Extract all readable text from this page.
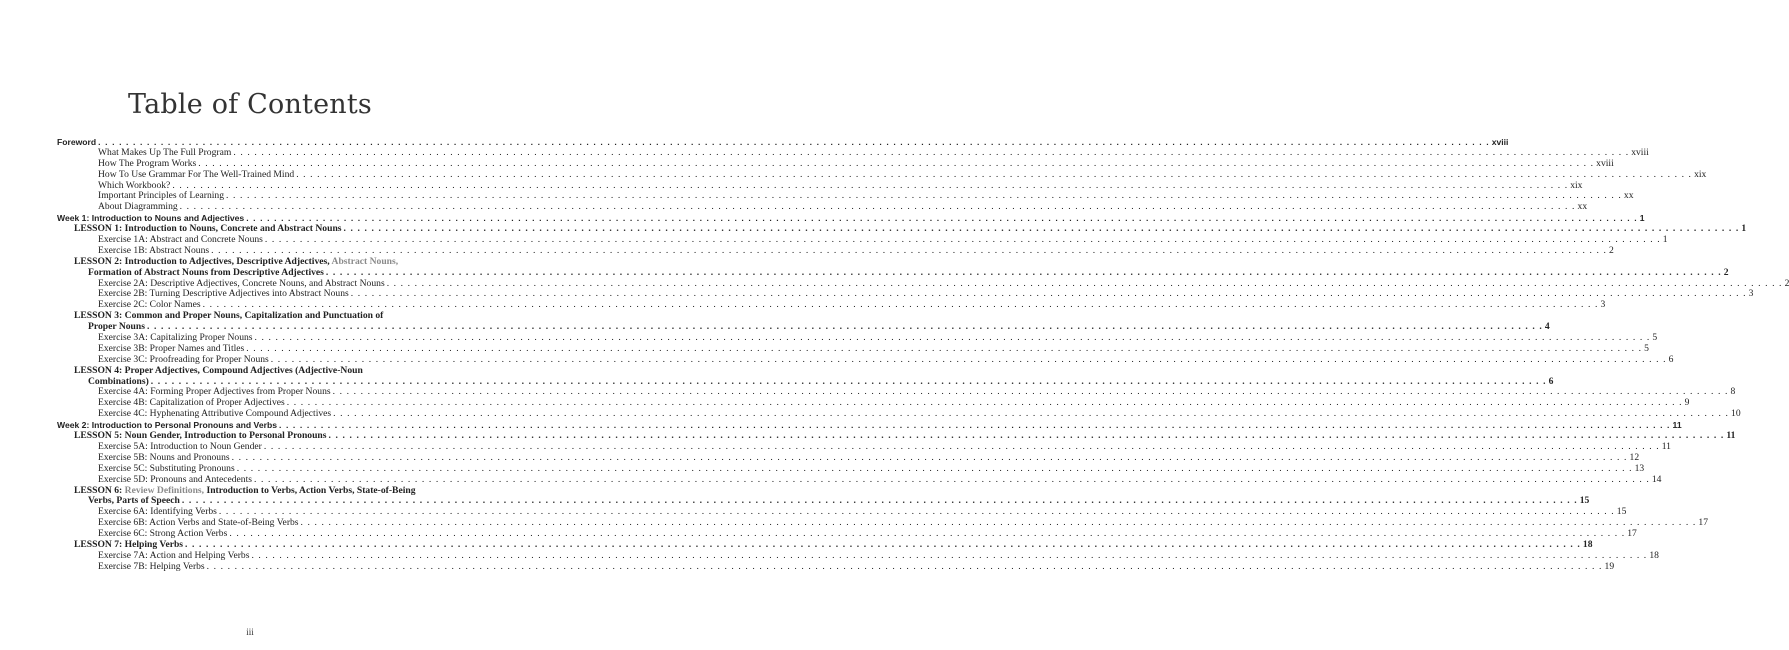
Table of Contents
Foreword . . . . . . . . . . . . . . . . . . . . . . . . . . . . . . . . . . . . . . . . . . . . . . . . . . . . . . . . . . . . . . . . . . . . . . . . . . . . . . . . . . . . . . . . . . . . . . . . . . . . . . . . . . . . . . . . . . . . . . . . . . . . . . . . . . . . . . . . . . . . . . . . . . . . . . . . . . . . . . . . . . . . . . . . . . . . . . . . . . . . . . . . . . . . . . . . . . . . . . . . xviii
What Makes Up The Full Program . . . . . . . . . . . . . . . . . . . . . . . . . . . . . . . . . . . . . . . . . . . . . . . . . . . . . . . . . . . . . . . . . . . . . . . . . . . . . . . . . . . . . . . . . . . . . . . . . . . . . . . . . . . . . . . . . . . . . . . . . . . . . . . . . . . . . . . . . . . . . . . . . . . . . . . . . . . . . . . . . . . . . . . . . . . . . . . . . . . . . . . . . . . . . . . . . . . . . . . . xviii
How The Program Works . . . . . . . . . . . . . . . . . . . . . . . . . . . . . . . . . . . . . . . . . . . . . . . . . . . . . . . . . . . . . . . . . . . . . . . . . . . . . . . . . . . . . . . . . . . . . . . . . . . . . . . . . . . . . . . . . . . . . . . . . . . . . . . . . . . . . . . . . . . . . . . . . . . . . . . . . . . . . . . . . . . . . . . . . . . . . . . . . . . . . . . . . . . . . . . . . . . . . . . . xviii
How To Use Grammar For The Well-Trained Mind . . . . . . . . . . . . . . . . . . . . . . . . . . . . . . . . . . . . . . . . . . . . . . . . . . . . . . . . . . . . . . . . . . . . . . . . . . . . . . . . . . . . . . . . . . . . . . . . . . . . . . . . . . . . . . . . . . . . . . . . . . . . . . . . . . . . . . . . . . . . . . . . . . . . . . . . . . . . . . . . . . . . . . . . . . . . . . . . . . . . . . . . . . . . . . . . . . . . . . . . xix
Which Workbook? . . . . . . . . . . . . . . . . . . . . . . . . . . . . . . . . . . . . . . . . . . . . . . . . . . . . . . . . . . . . . . . . . . . . . . . . . . . . . . . . . . . . . . . . . . . . . . . . . . . . . . . . . . . . . . . . . . . . . . . . . . . . . . . . . . . . . . . . . . . . . . . . . . . . . . . . . . . . . . . . . . . . . . . . . . . . . . . . . . . . . . . . . . . . . . . . . . . . . . . . xix
Important Principles of Learning . . . . . . . . . . . . . . . . . . . . . . . . . . . . . . . . . . . . . . . . . . . . . . . . . . . . . . . . . . . . . . . . . . . . . . . . . . . . . . . . . . . . . . . . . . . . . . . . . . . . . . . . . . . . . . . . . . . . . . . . . . . . . . . . . . . . . . . . . . . . . . . . . . . . . . . . . . . . . . . . . . . . . . . . . . . . . . . . . . . . . . . . . . . . . . . . . . . . . . . . xx
About Diagramming . . . . . . . . . . . . . . . . . . . . . . . . . . . . . . . . . . . . . . . . . . . . . . . . . . . . . . . . . . . . . . . . . . . . . . . . . . . . . . . . . . . . . . . . . . . . . . . . . . . . . . . . . . . . . . . . . . . . . . . . . . . . . . . . . . . . . . . . . . . . . . . . . . . . . . . . . . . . . . . . . . . . . . . . . . . . . . . . . . . . . . . . . . . . . . . . . . . . . . . . xx
Week 1: Introduction to Nouns and Adjectives . . . . . . . . . . . . . . . . . . . . . . . . . . . . . . . . . . . . . . . . . . . . . . . . . . . . . . . . . . . . . . . . . . . . . . . . . . . . . . . . . . . . . . . . . . . . . . . . . . . . . . . . . . . . . . . . . . . . . . . . . . . . . . . . . . . . . . . . . . . . . . . . . . . . . . . . . . . . . . . . . . . . . . . . . . . . . . . . . . . . . . . . . . . . . . . . . . . . . . . . 1
LESSON 1: Introduction to Nouns, Concrete and Abstract Nouns . . . . . . . . . . . . . . . . . . . . . . . . . . . . . . . . . . . . . . . . . . . . . . . . . . . . . . . . . . . . . . . . . . . . . . . . . . . . . . . . . . . . . . . . . . . . . . . . . . . . . . . . . . . . . . . . . . . . . . . . . . . . . . . . . . . . . . . . . . . . . . . . . . . . . . . . . . . . . . . . . . . . . . . . . . . . . . . . . . . . . . . . . . . . . . . . . . . . . . . . 1
Exercise 1A: Abstract and Concrete Nouns . . . . . . . . . . . . . . . . . . . . . . . . . . . . . . . . . . . . . . . . . . . . . . . . . . . . . . . . . . . . . . . . . . . . . . . . . . . . . . . . . . . . . . . . . . . . . . . . . . . . . . . . . . . . . . . . . . . . . . . . . . . . . . . . . . . . . . . . . . . . . . . . . . . . . . . . . . . . . . . . . . . . . . . . . . . . . . . . . . . . . . . . . . . . . . . . . . . . . . . . 1
Exercise 1B: Abstract Nouns . . . . . . . . . . . . . . . . . . . . . . . . . . . . . . . . . . . . . . . . . . . . . . . . . . . . . . . . . . . . . . . . . . . . . . . . . . . . . . . . . . . . . . . . . . . . . . . . . . . . . . . . . . . . . . . . . . . . . . . . . . . . . . . . . . . . . . . . . . . . . . . . . . . . . . . . . . . . . . . . . . . . . . . . . . . . . . . . . . . . . . . . . . . . . . . . . . . . . . . . 2
LESSON 2: Introduction to Adjectives, Descriptive Adjectives, Abstract Nouns,
Formation of Abstract Nouns from Descriptive Adjectives . . . . . . . . . . . . . . . . . . . . . . . . . . . . . . . . . . . . . . . . . . . . . . . . . . . . . . . . . . . . . . . . . . . . . . . . . . . . . . . . . . . . . . . . . . . . . . . . . . . . . . . . . . . . . . . . . . . . . . . . . . . . . . . . . . . . . . . . . . . . . . . . . . . . . . . . . . . . . . . . . . . . . . . . . . . . . . . . . . . . . . . . . . . . . . . . . . . . . . . . 2
Exercise 2A: Descriptive Adjectives, Concrete Nouns, and Abstract Nouns . . . . . . . . . . . . . . . . . . . . . . . . . . . . . . . . . . . . . . . . . . . . . . . . . . . . . . . . . . . . . . . . . . . . . . . . . . . . . . . . . . . . . . . . . . . . . . . . . . . . . . . . . . . . . . . . . . . . . . . . . . . . . . . . . . . . . . . . . . . . . . . . . . . . . . . . . . . . . . . . . . . . . . . . . . . . . . . . . . . . . . . . . . . . . . . . . . . . . . . . 2
Exercise 2B: Turning Descriptive Adjectives into Abstract Nouns . . . . . . . . . . . . . . . . . . . . . . . . . . . . . . . . . . . . . . . . . . . . . . . . . . . . . . . . . . . . . . . . . . . . . . . . . . . . . . . . . . . . . . . . . . . . . . . . . . . . . . . . . . . . . . . . . . . . . . . . . . . . . . . . . . . . . . . . . . . . . . . . . . . . . . . . . . . . . . . . . . . . . . . . . . . . . . . . . . . . . . . . . . . . . . . . . . . . . . . . 3
Exercise 2C: Color Names . . . . . . . . . . . . . . . . . . . . . . . . . . . . . . . . . . . . . . . . . . . . . . . . . . . . . . . . . . . . . . . . . . . . . . . . . . . . . . . . . . . . . . . . . . . . . . . . . . . . . . . . . . . . . . . . . . . . . . . . . . . . . . . . . . . . . . . . . . . . . . . . . . . . . . . . . . . . . . . . . . . . . . . . . . . . . . . . . . . . . . . . . . . . . . . . . . . . . . . . 3
LESSON 3: Common and Proper Nouns, Capitalization and Punctuation of
Proper Nouns . . . . . . . . . . . . . . . . . . . . . . . . . . . . . . . . . . . . . . . . . . . . . . . . . . . . . . . . . . . . . . . . . . . . . . . . . . . . . . . . . . . . . . . . . . . . . . . . . . . . . . . . . . . . . . . . . . . . . . . . . . . . . . . . . . . . . . . . . . . . . . . . . . . . . . . . . . . . . . . . . . . . . . . . . . . . . . . . . . . . . . . . . . . . . . . . . . . . . . . . 4
Exercise 3A: Capitalizing Proper Nouns . . . . . . . . . . . . . . . . . . . . . . . . . . . . . . . . . . . . . . . . . . . . . . . . . . . . . . . . . . . . . . . . . . . . . . . . . . . . . . . . . . . . . . . . . . . . . . . . . . . . . . . . . . . . . . . . . . . . . . . . . . . . . . . . . . . . . . . . . . . . . . . . . . . . . . . . . . . . . . . . . . . . . . . . . . . . . . . . . . . . . . . . . . . . . . . . . . . . . . . . 5
Exercise 3B: Proper Names and Titles . . . . . . . . . . . . . . . . . . . . . . . . . . . . . . . . . . . . . . . . . . . . . . . . . . . . . . . . . . . . . . . . . . . . . . . . . . . . . . . . . . . . . . . . . . . . . . . . . . . . . . . . . . . . . . . . . . . . . . . . . . . . . . . . . . . . . . . . . . . . . . . . . . . . . . . . . . . . . . . . . . . . . . . . . . . . . . . . . . . . . . . . . . . . . . . . . . . . . . . . 5
Exercise 3C: Proofreading for Proper Nouns . . . . . . . . . . . . . . . . . . . . . . . . . . . . . . . . . . . . . . . . . . . . . . . . . . . . . . . . . . . . . . . . . . . . . . . . . . . . . . . . . . . . . . . . . . . . . . . . . . . . . . . . . . . . . . . . . . . . . . . . . . . . . . . . . . . . . . . . . . . . . . . . . . . . . . . . . . . . . . . . . . . . . . . . . . . . . . . . . . . . . . . . . . . . . . . . . . . . . . . . 6
LESSON 4: Proper Adjectives, Compound Adjectives (Adjective-Noun
Combinations) . . . . . . . . . . . . . . . . . . . . . . . . . . . . . . . . . . . . . . . . . . . . . . . . . . . . . . . . . . . . . . . . . . . . . . . . . . . . . . . . . . . . . . . . . . . . . . . . . . . . . . . . . . . . . . . . . . . . . . . . . . . . . . . . . . . . . . . . . . . . . . . . . . . . . . . . . . . . . . . . . . . . . . . . . . . . . . . . . . . . . . . . . . . . . . . . . . . . . . . . 6
Exercise 4A: Forming Proper Adjectives from Proper Nouns . . . . . . . . . . . . . . . . . . . . . . . . . . . . . . . . . . . . . . . . . . . . . . . . . . . . . . . . . . . . . . . . . . . . . . . . . . . . . . . . . . . . . . . . . . . . . . . . . . . . . . . . . . . . . . . . . . . . . . . . . . . . . . . . . . . . . . . . . . . . . . . . . . . . . . . . . . . . . . . . . . . . . . . . . . . . . . . . . . . . . . . . . . . . . . . . . . . . . . . . 8
Exercise 4B: Capitalization of Proper Adjectives . . . . . . . . . . . . . . . . . . . . . . . . . . . . . . . . . . . . . . . . . . . . . . . . . . . . . . . . . . . . . . . . . . . . . . . . . . . . . . . . . . . . . . . . . . . . . . . . . . . . . . . . . . . . . . . . . . . . . . . . . . . . . . . . . . . . . . . . . . . . . . . . . . . . . . . . . . . . . . . . . . . . . . . . . . . . . . . . . . . . . . . . . . . . . . . . . . . . . . . . 9
Exercise 4C: Hyphenating Attributive Compound Adjectives . . . . . . . . . . . . . . . . . . . . . . . . . . . . . . . . . . . . . . . . . . . . . . . . . . . . . . . . . . . . . . . . . . . . . . . . . . . . . . . . . . . . . . . . . . . . . . . . . . . . . . . . . . . . . . . . . . . . . . . . . . . . . . . . . . . . . . . . . . . . . . . . . . . . . . . . . . . . . . . . . . . . . . . . . . . . . . . . . . . . . . . . . . . . . . . . . . . . . . . . 10
Week 2: Introduction to Personal Pronouns and Verbs . . . . . . . . . . . . . . . . . . . . . . . . . . . . . . . . . . . . . . . . . . . . . . . . . . . . . . . . . . . . . . . . . . . . . . . . . . . . . . . . . . . . . . . . . . . . . . . . . . . . . . . . . . . . . . . . . . . . . . . . . . . . . . . . . . . . . . . . . . . . . . . . . . . . . . . . . . . . . . . . . . . . . . . . . . . . . . . . . . . . . . . . . . . . . . . . . . . . . . . . 11
LESSON 5: Noun Gender, Introduction to Personal Pronouns . . . . . . . . . . . . . . . . . . . . . . . . . . . . . . . . . . . . . . . . . . . . . . . . . . . . . . . . . . . . . . . . . . . . . . . . . . . . . . . . . . . . . . . . . . . . . . . . . . . . . . . . . . . . . . . . . . . . . . . . . . . . . . . . . . . . . . . . . . . . . . . . . . . . . . . . . . . . . . . . . . . . . . . . . . . . . . . . . . . . . . . . . . . . . . . . . . . . . . . . 11
Exercise 5A: Introduction to Noun Gender . . . . . . . . . . . . . . . . . . . . . . . . . . . . . . . . . . . . . . . . . . . . . . . . . . . . . . . . . . . . . . . . . . . . . . . . . . . . . . . . . . . . . . . . . . . . . . . . . . . . . . . . . . . . . . . . . . . . . . . . . . . . . . . . . . . . . . . . . . . . . . . . . . . . . . . . . . . . . . . . . . . . . . . . . . . . . . . . . . . . . . . . . . . . . . . . . . . . . . . . 11
Exercise 5B: Nouns and Pronouns . . . . . . . . . . . . . . . . . . . . . . . . . . . . . . . . . . . . . . . . . . . . . . . . . . . . . . . . . . . . . . . . . . . . . . . . . . . . . . . . . . . . . . . . . . . . . . . . . . . . . . . . . . . . . . . . . . . . . . . . . . . . . . . . . . . . . . . . . . . . . . . . . . . . . . . . . . . . . . . . . . . . . . . . . . . . . . . . . . . . . . . . . . . . . . . . . . . . . . . . 12
Exercise 5C: Substituting Pronouns . . . . . . . . . . . . . . . . . . . . . . . . . . . . . . . . . . . . . . . . . . . . . . . . . . . . . . . . . . . . . . . . . . . . . . . . . . . . . . . . . . . . . . . . . . . . . . . . . . . . . . . . . . . . . . . . . . . . . . . . . . . . . . . . . . . . . . . . . . . . . . . . . . . . . . . . . . . . . . . . . . . . . . . . . . . . . . . . . . . . . . . . . . . . . . . . . . . . . . . . 13
Exercise 5D: Pronouns and Antecedents . . . . . . . . . . . . . . . . . . . . . . . . . . . . . . . . . . . . . . . . . . . . . . . . . . . . . . . . . . . . . . . . . . . . . . . . . . . . . . . . . . . . . . . . . . . . . . . . . . . . . . . . . . . . . . . . . . . . . . . . . . . . . . . . . . . . . . . . . . . . . . . . . . . . . . . . . . . . . . . . . . . . . . . . . . . . . . . . . . . . . . . . . . . . . . . . . . . . . . . . 14
LESSON 6: Review Definitions, Introduction to Verbs, Action Verbs, State-of-Being
Verbs, Parts of Speech . . . . . . . . . . . . . . . . . . . . . . . . . . . . . . . . . . . . . . . . . . . . . . . . . . . . . . . . . . . . . . . . . . . . . . . . . . . . . . . . . . . . . . . . . . . . . . . . . . . . . . . . . . . . . . . . . . . . . . . . . . . . . . . . . . . . . . . . . . . . . . . . . . . . . . . . . . . . . . . . . . . . . . . . . . . . . . . . . . . . . . . . . . . . . . . . . . . . . . . . 15
Exercise 6A: Identifying Verbs . . . . . . . . . . . . . . . . . . . . . . . . . . . . . . . . . . . . . . . . . . . . . . . . . . . . . . . . . . . . . . . . . . . . . . . . . . . . . . . . . . . . . . . . . . . . . . . . . . . . . . . . . . . . . . . . . . . . . . . . . . . . . . . . . . . . . . . . . . . . . . . . . . . . . . . . . . . . . . . . . . . . . . . . . . . . . . . . . . . . . . . . . . . . . . . . . . . . . . . . 15
Exercise 6B: Action Verbs and State-of-Being Verbs . . . . . . . . . . . . . . . . . . . . . . . . . . . . . . . . . . . . . . . . . . . . . . . . . . . . . . . . . . . . . . . . . . . . . . . . . . . . . . . . . . . . . . . . . . . . . . . . . . . . . . . . . . . . . . . . . . . . . . . . . . . . . . . . . . . . . . . . . . . . . . . . . . . . . . . . . . . . . . . . . . . . . . . . . . . . . . . . . . . . . . . . . . . . . . . . . . . . . . . . 17
Exercise 6C: Strong Action Verbs . . . . . . . . . . . . . . . . . . . . . . . . . . . . . . . . . . . . . . . . . . . . . . . . . . . . . . . . . . . . . . . . . . . . . . . . . . . . . . . . . . . . . . . . . . . . . . . . . . . . . . . . . . . . . . . . . . . . . . . . . . . . . . . . . . . . . . . . . . . . . . . . . . . . . . . . . . . . . . . . . . . . . . . . . . . . . . . . . . . . . . . . . . . . . . . . . . . . . . . . 17
LESSON 7: Helping Verbs . . . . . . . . . . . . . . . . . . . . . . . . . . . . . . . . . . . . . . . . . . . . . . . . . . . . . . . . . . . . . . . . . . . . . . . . . . . . . . . . . . . . . . . . . . . . . . . . . . . . . . . . . . . . . . . . . . . . . . . . . . . . . . . . . . . . . . . . . . . . . . . . . . . . . . . . . . . . . . . . . . . . . . . . . . . . . . . . . . . . . . . . . . . . . . . . . . . . . . . . 18
Exercise 7A: Action and Helping Verbs . . . . . . . . . . . . . . . . . . . . . . . . . . . . . . . . . . . . . . . . . . . . . . . . . . . . . . . . . . . . . . . . . . . . . . . . . . . . . . . . . . . . . . . . . . . . . . . . . . . . . . . . . . . . . . . . . . . . . . . . . . . . . . . . . . . . . . . . . . . . . . . . . . . . . . . . . . . . . . . . . . . . . . . . . . . . . . . . . . . . . . . . . . . . . . . . . . . . . . . . 18
Exercise 7B: Helping Verbs . . . . . . . . . . . . . . . . . . . . . . . . . . . . . . . . . . . . . . . . . . . . . . . . . . . . . . . . . . . . . . . . . . . . . . . . . . . . . . . . . . . . . . . . . . . . . . . . . . . . . . . . . . . . . . . . . . . . . . . . . . . . . . . . . . . . . . . . . . . . . . . . . . . . . . . . . . . . . . . . . . . . . . . . . . . . . . . . . . . . . . . . . . . . . . . . . . . . . . . . 19
iii
